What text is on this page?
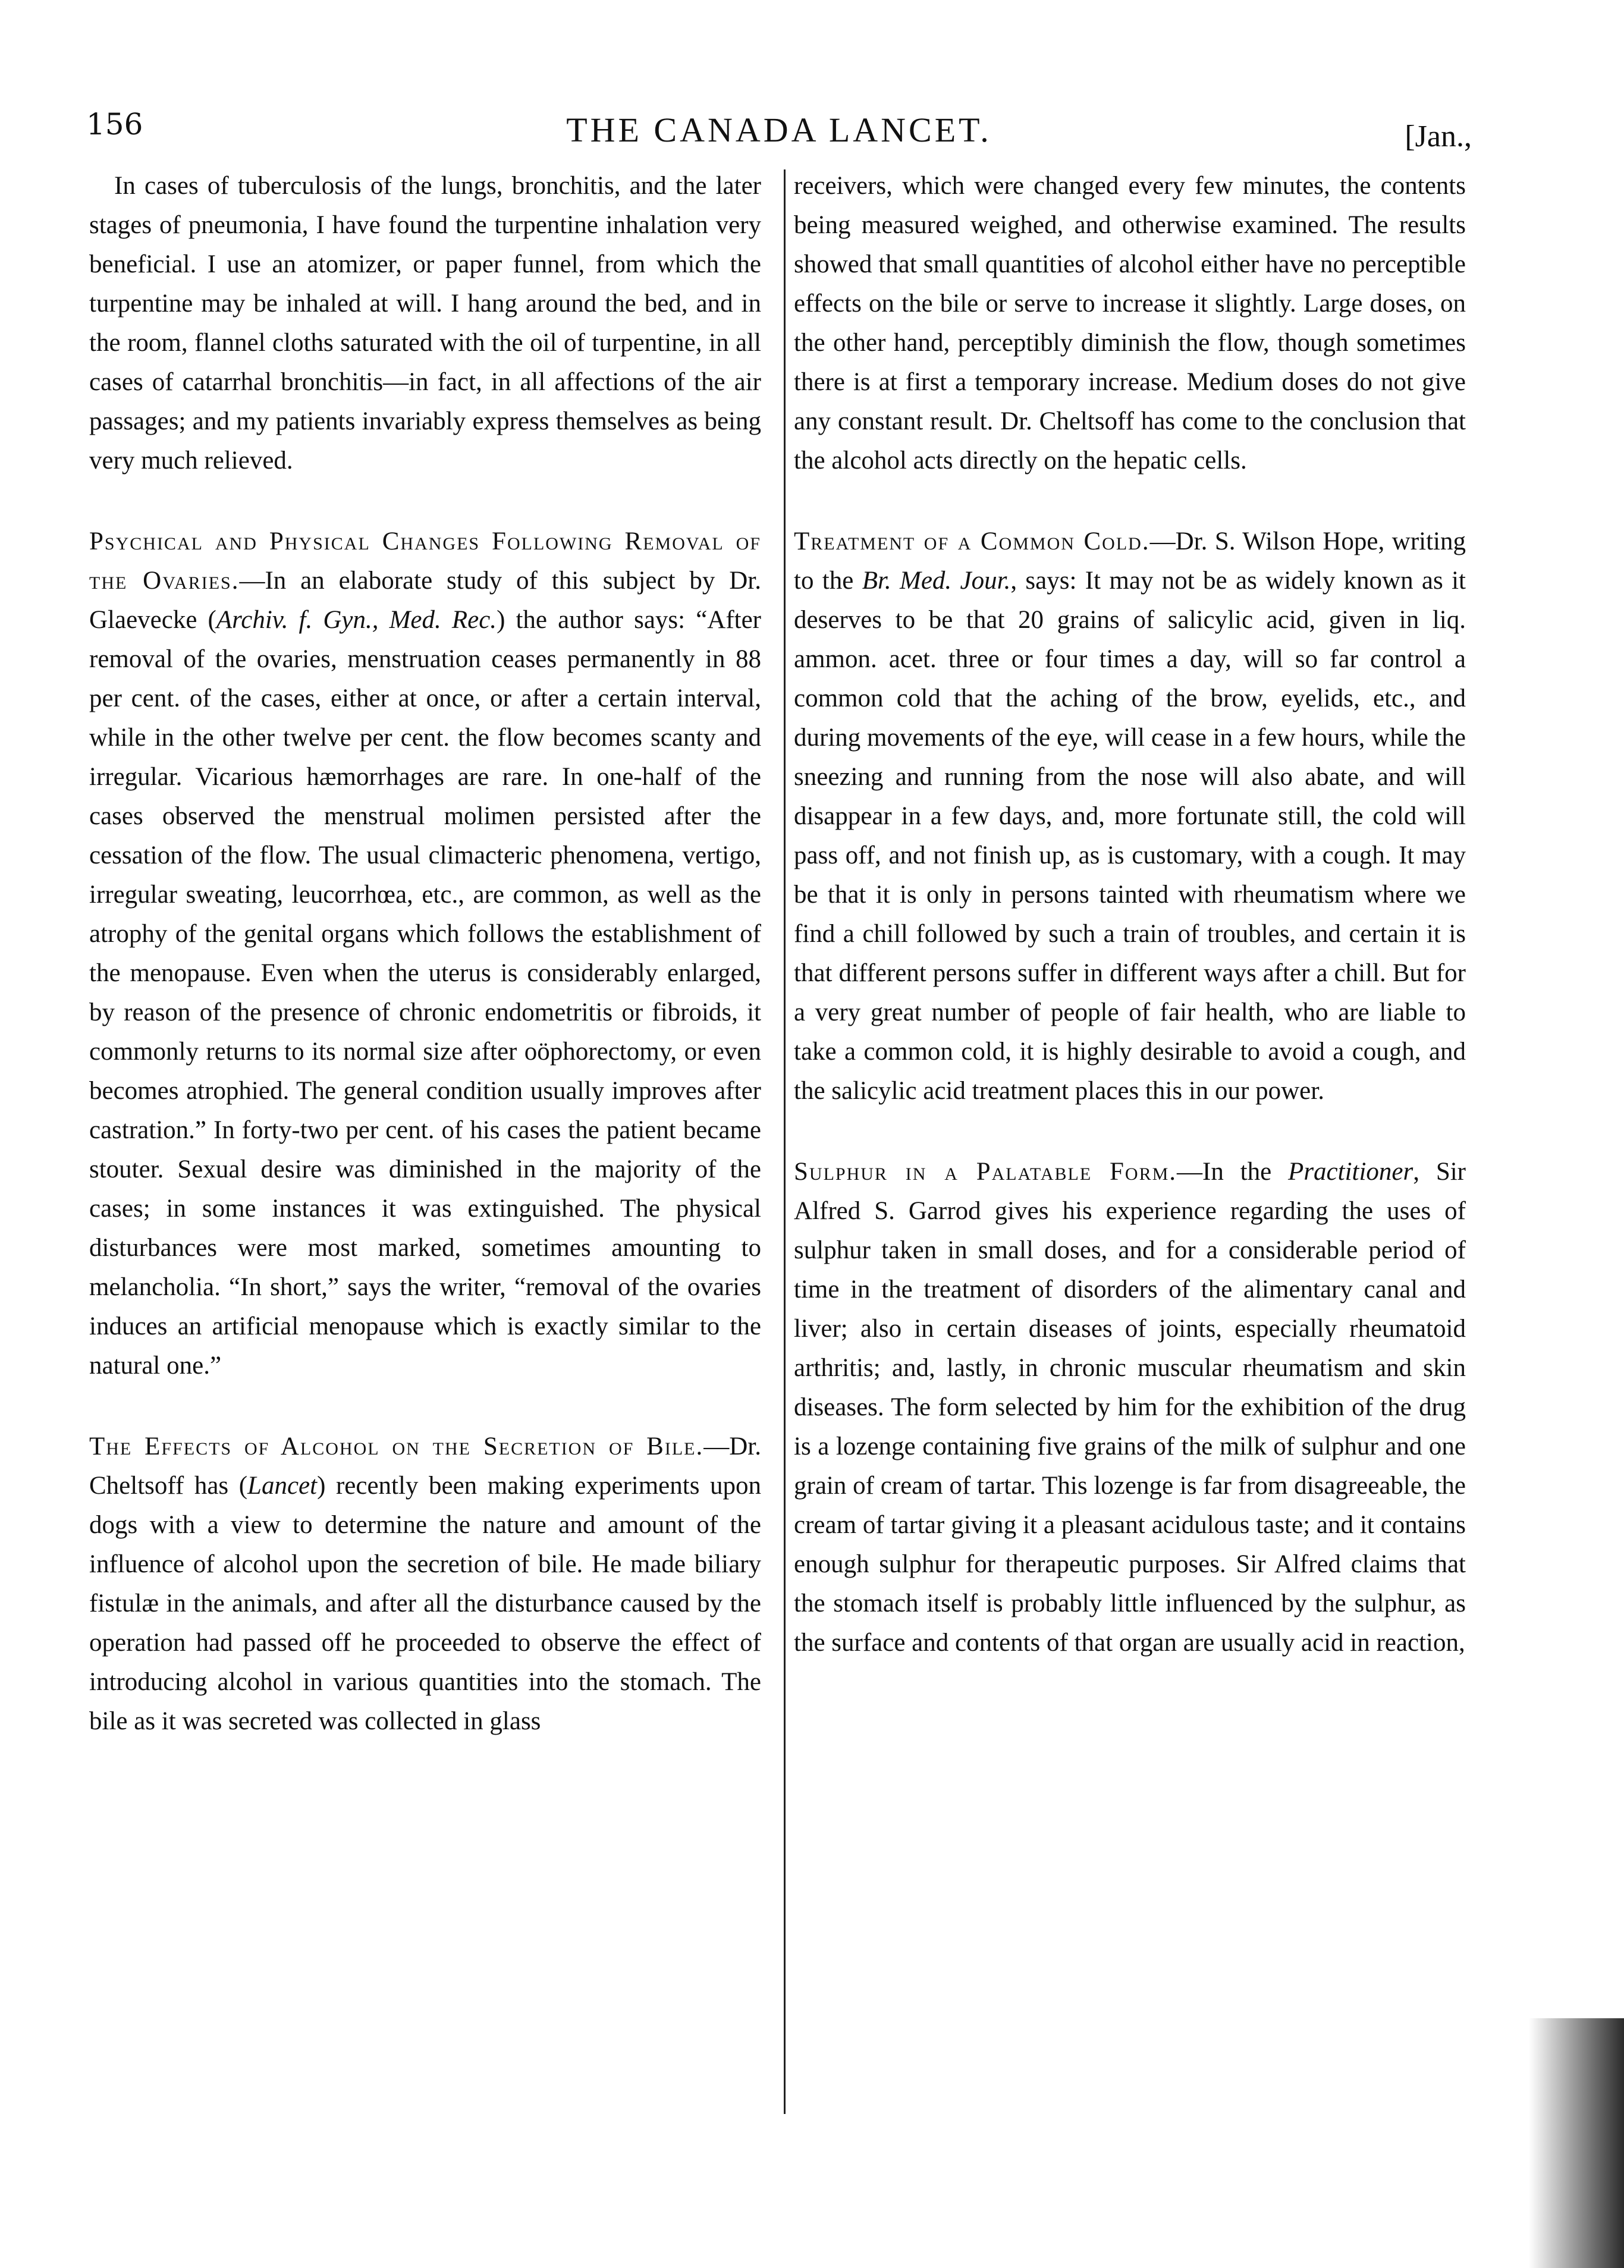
156	THE CANADA LANCET.	[Jan.,

In cases of tuberculosis of the lungs, bronchitis, and the later stages of pneumonia, I have found the turpentine inhalation very beneficial. I use an atomizer, or paper funnel, from which the turpentine may be inhaled at will. I hang around the bed, and in the room, flannel cloths saturated with the oil of turpentine, in all cases of catarrhal bronchitis—in fact, in all affections of the air passages; and my patients invariably express themselves as being very much relieved.

Psychical and Physical Changes Following Removal of the Ovaries.—In an elaborate study of this subject by Dr. Glaevecke (Archiv. f. Gyn., Med. Rec.) the author says: “After removal of the ovaries, menstruation ceases permanently in 88 per cent. of the cases, either at once, or after a certain interval, while in the other twelve per cent. the flow becomes scanty and irregular. Vicarious hæmorrhages are rare. In one-half of the cases observed the menstrual molimen persisted after the cessation of the flow. The usual climacteric phenomena, vertigo, irregular sweating, leucorrhœa, etc., are common, as well as the atrophy of the genital organs which follows the establishment of the menopause. Even when the uterus is considerably enlarged, by reason of the presence of chronic endometritis or fibroids, it commonly returns to its normal size after oöphorectomy, or even becomes atrophied. The general condition usually improves after castration.” In forty-two per cent. of his cases the patient became stouter. Sexual desire was diminished in the majority of the cases; in some instances it was extinguished. The physical disturbances were most marked, sometimes amounting to melancholia. “In short,” says the writer, “removal of the ovaries induces an artificial menopause which is exactly similar to the natural one.”

The Effects of Alcohol on the Secretion of Bile.—Dr. Cheltsoff has (Lancet) recently been making experiments upon dogs with a view to determine the nature and amount of the influence of alcohol upon the secretion of bile. He made biliary fistulæ in the animals, and after all the disturbance caused by the operation had passed off he proceeded to observe the effect of introducing alcohol in various quantities into the stomach. The bile as it was secreted was collected in glass

receivers, which were changed every few minutes, the contents being measured weighed, and otherwise examined. The results showed that small quantities of alcohol either have no perceptible effects on the bile or serve to increase it slightly. Large doses, on the other hand, perceptibly diminish the flow, though sometimes there is at first a temporary increase. Medium doses do not give any constant result. Dr. Cheltsoff has come to the conclusion that the alcohol acts directly on the hepatic cells.

Treatment of a Common Cold.—Dr. S. Wilson Hope, writing to the Br. Med. Jour., says: It may not be as widely known as it deserves to be that 20 grains of salicylic acid, given in liq. ammon. acet. three or four times a day, will so far control a common cold that the aching of the brow, eyelids, etc., and during movements of the eye, will cease in a few hours, while the sneezing and running from the nose will also abate, and will disappear in a few days, and, more fortunate still, the cold will pass off, and not finish up, as is customary, with a cough. It may be that it is only in persons tainted with rheumatism where we find a chill followed by such a train of troubles, and certain it is that different persons suffer in different ways after a chill. But for a very great number of people of fair health, who are liable to take a common cold, it is highly desirable to avoid a cough, and the salicylic acid treatment places this in our power.

Sulphur in a Palatable Form.—In the Practitioner, Sir Alfred S. Garrod gives his experience regarding the uses of sulphur taken in small doses, and for a considerable period of time in the treatment of disorders of the alimentary canal and liver; also in certain diseases of joints, especially rheumatoid arthritis; and, lastly, in chronic muscular rheumatism and skin diseases. The form selected by him for the exhibition of the drug is a lozenge containing five grains of the milk of sulphur and one grain of cream of tartar. This lozenge is far from disagreeable, the cream of tartar giving it a pleasant acidulous taste; and it contains enough sulphur for therapeutic purposes. Sir Alfred claims that the stomach itself is probably little influenced by the sulphur, as the surface and contents of that organ are usually acid in reaction,
